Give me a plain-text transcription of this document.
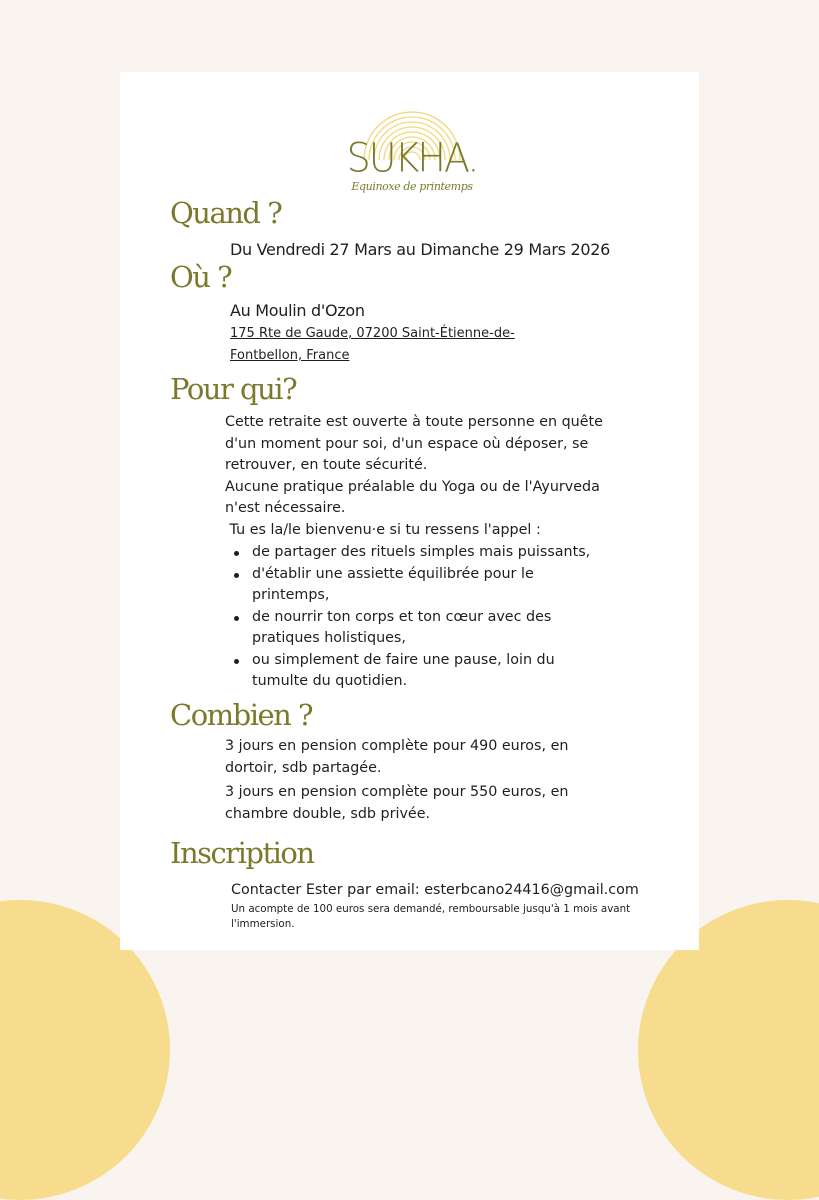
SUKHA.
Equinoxe de printemps
Quand ?
Du Vendredi 27 Mars au Dimanche 29 Mars 2026
Où ?
Au Moulin d'Ozon
175 Rte de Gaude, 07200 Saint-Étienne-de-
Fontbellon, France
Pour qui?
Cette retraite est ouverte à toute personne en quête
d'un moment pour soi, d'un espace où déposer, se
retrouver, en toute sécurité.
Aucune pratique préalable du Yoga ou de l'Ayurveda
n'est nécessaire.
Tu es la/le bienvenu·e si tu ressens l'appel :
de partager des rituels simples mais puissants,
d'établir une assiette équilibrée pour le printemps,
de nourrir ton corps et ton cœur avec des pratiques holistiques,
ou simplement de faire une pause, loin du tumulte du quotidien.
Combien ?
3 jours en pension complète pour 490 euros, en
dortoir, sdb partagée.
3 jours en pension complète pour 550 euros, en
chambre double, sdb privée.
Inscription
Contacter Ester par email: esterbcano24416@gmail.com
Un acompte de 100 euros sera demandé, remboursable jusqu'à 1 mois avant
l'immersion.
